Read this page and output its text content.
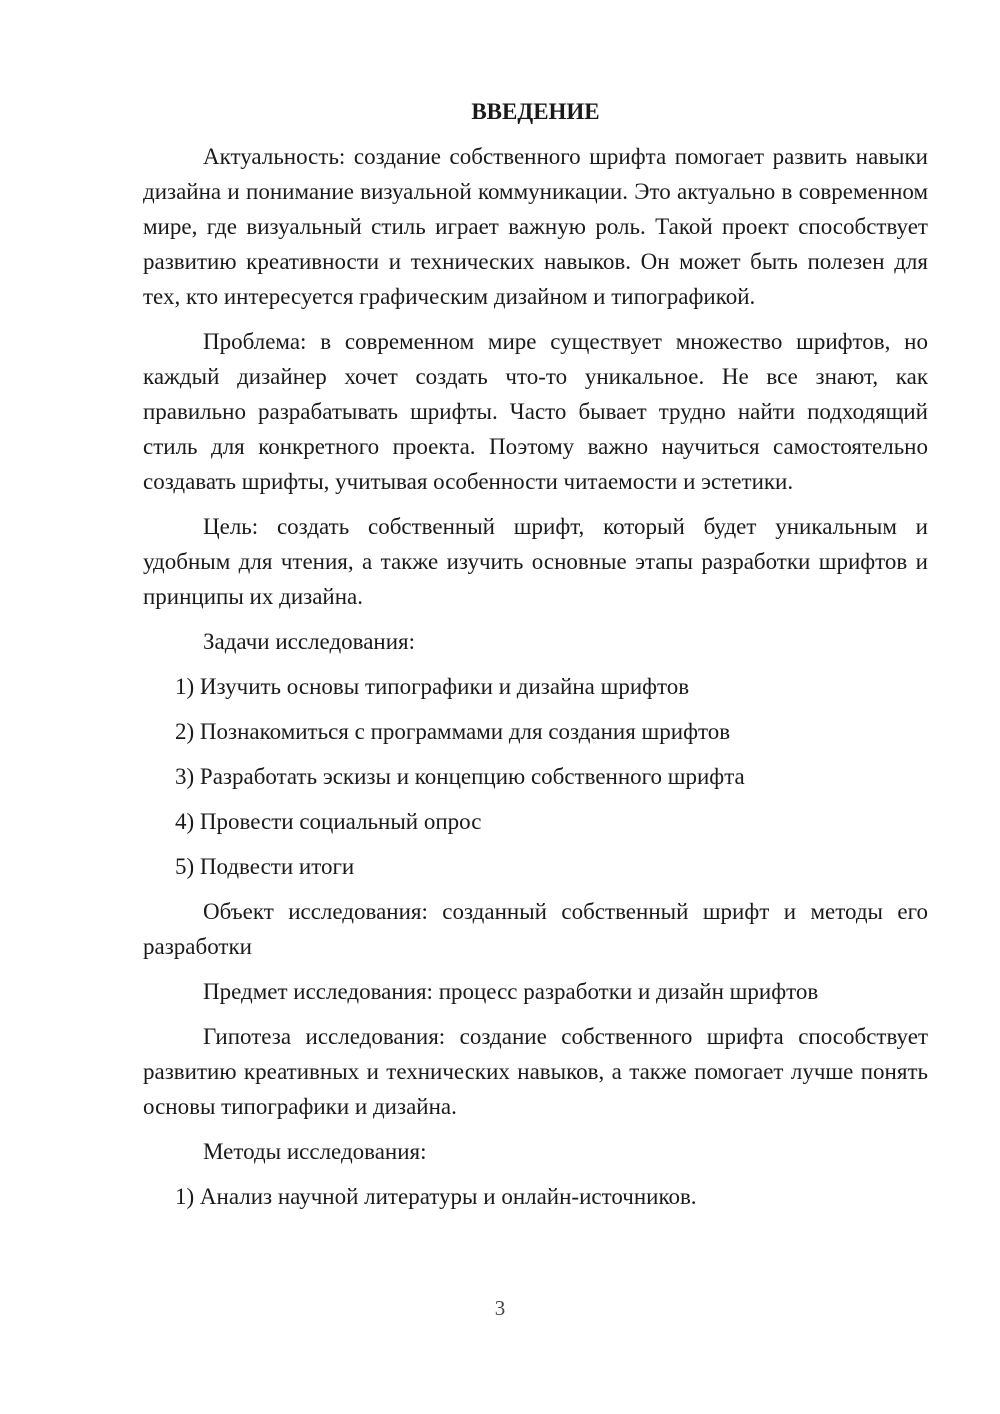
ВВЕДЕНИЕ

Актуальность: создание собственного шрифта помогает развить навыки дизайна и понимание визуальной коммуникации. Это актуально в современном мире, где визуальный стиль играет важную роль. Такой проект способствует развитию креативности и технических навыков. Он может быть полезен для тех, кто интересуется графическим дизайном и типографикой.

Проблема: в современном мире существует множество шрифтов, но каждый дизайнер хочет создать что-то уникальное. Не все знают, как правильно разрабатывать шрифты. Часто бывает трудно найти подходящий стиль для конкретного проекта. Поэтому важно научиться самостоятельно создавать шрифты, учитывая особенности читаемости и эстетики.

Цель: создать собственный шрифт, который будет уникальным и удобным для чтения, а также изучить основные этапы разработки шрифтов и принципы их дизайна.

Задачи исследования:

1) Изучить основы типографики и дизайна шрифтов
2) Познакомиться с программами для создания шрифтов
3) Разработать эскизы и концепцию собственного шрифта
4) Провести социальный опрос
5) Подвести итоги

Объект исследования: созданный собственный шрифт и методы его разработки

Предмет исследования: процесс разработки и дизайн шрифтов

Гипотеза исследования: создание собственного шрифта способствует развитию креативных и технических навыков, а также помогает лучше понять основы типографики и дизайна.

Методы исследования:

1) Анализ научной литературы и онлайн-источников.
3
